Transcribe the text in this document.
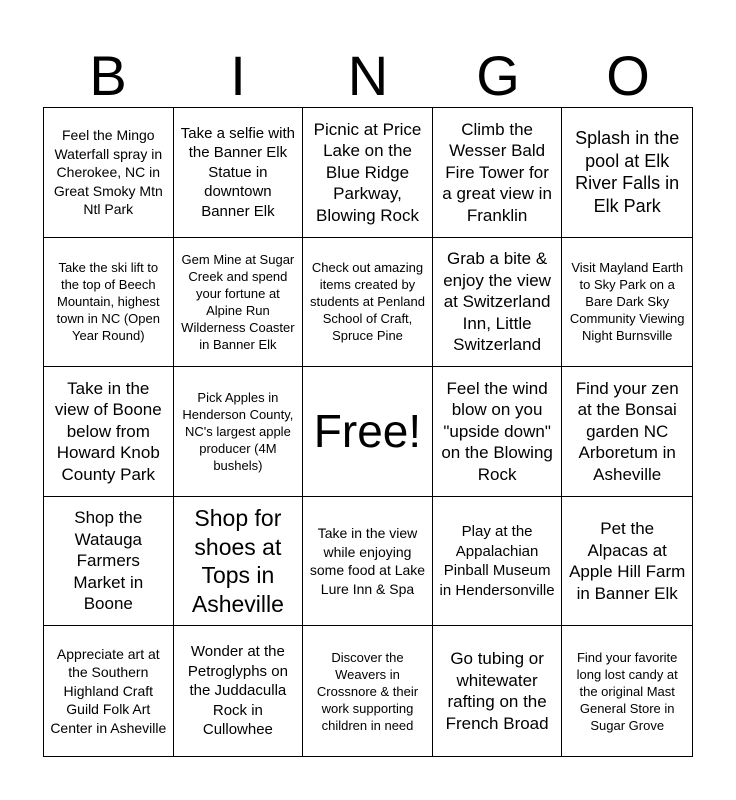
B	I	N	G	O
Feel the Mingo Waterfall spray in Cherokee, NC in Great Smoky Mtn Ntl Park
Take a selfie with the Banner Elk Statue in downtown Banner Elk
Picnic at Price Lake on the Blue Ridge Parkway, Blowing Rock
Climb the Wesser Bald Fire Tower for a great view in Franklin
Splash in the pool at Elk River Falls in Elk Park
Take the ski lift to the top of Beech Mountain, highest town in NC (Open Year Round)
Gem Mine at Sugar Creek and spend your fortune at Alpine Run Wilderness Coaster in Banner Elk
Check out amazing items created by students at Penland School of Craft, Spruce Pine
Grab a bite & enjoy the view at Switzerland Inn, Little Switzerland
Visit Mayland Earth to Sky Park on a Bare Dark Sky Community Viewing Night Burnsville
Take in the view of Boone below from Howard Knob County Park
Pick Apples in Henderson County, NC's largest apple producer (4M bushels)
Free!
Feel the wind blow on you "upside down" on the Blowing Rock
Find your zen at the Bonsai garden NC Arboretum in Asheville
Shop the Watauga Farmers Market in Boone
Shop for shoes at Tops in Asheville
Take in the view while enjoying some food at Lake Lure Inn & Spa
Play at the Appalachian Pinball Museum in Hendersonville
Pet the Alpacas at Apple Hill Farm in Banner Elk
Appreciate art at the Southern Highland Craft Guild Folk Art Center in Asheville
Wonder at the Petroglyphs on the Juddaculla Rock in Cullowhee
Discover the Weavers in Crossnore & their work supporting children in need
Go tubing or whitewater rafting on the French Broad
Find your favorite long lost candy at the original Mast General Store in Sugar Grove
